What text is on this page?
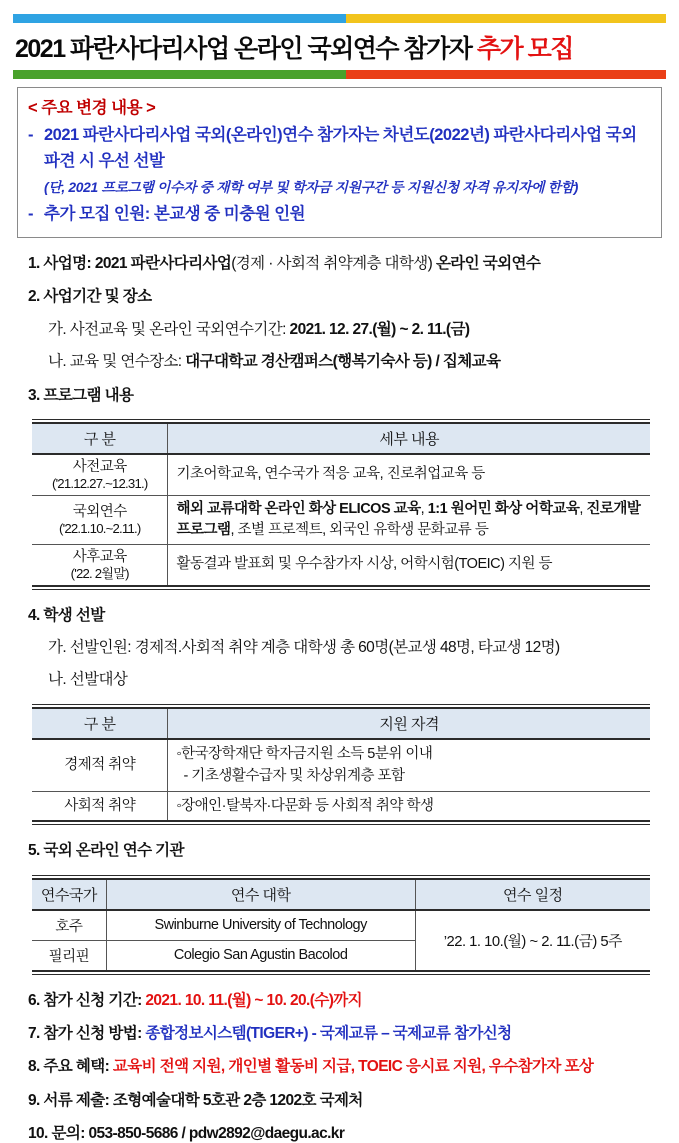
2021 파란사다리사업 온라인 국외연수 참가자 추가 모집
< 주요 변경 내용 >
- 2021 파란사다리사업 국외(온라인)연수 참가자는 차년도(2022년) 파란사다리사업 국외파견 시 우선 선발
(단, 2021 프로그램 이수자 중 재학 여부 및 학자금 지원구간 등 지원신청 자격 유지자에 한함)
- 추가 모집 인원: 본교생 중 미충원 인원
1. 사업명: 2021 파란사다리사업(경제 · 사회적 취약계층 대학생) 온라인 국외연수
2. 사업기간 및 장소
가. 사전교육 및 온라인 국외연수기간: 2021. 12. 27.(월) ~ 2. 11.(금)
나. 교육 및 연수장소: 대구대학교 경산캠퍼스(행복기숙사 등) / 집체교육
3. 프로그램 내용
구 분	세부 내용
사전교육
('21.12.27.~12.31.)	기초어학교육, 연수국가 적응 교육, 진로취업교육 등
국외연수
('22.1.10.~2.11.)	해외 교류대학 온라인 화상 ELICOS 교육, 1:1 원어민 화상 어학교육, 진로개발 프로그램, 조별 프로젝트, 외국인 유학생 문화교류 등
사후교육
('22. 2월말)	활동결과 발표회 및 우수참가자 시상, 어학시험(TOEIC) 지원 등
4. 학생 선발
가. 선발인원: 경제적.사회적 취약 계층 대학생 총 60명(본교생 48명, 타교생 12명)
나. 선발대상
구 분	지원 자격
경제적 취약	◦한국장학재단 학자금지원 소득 5분위 이내
- 기초생활수급자 및 차상위계층 포함

사회적 취약	◦장애인·탈북자·다문화 등 사회적 취약 학생
5. 국외 온라인 연수 기관
연수국가	연수 대학	연수 일정
호주	Swinburne University of Technology	’22. 1. 10.(월) ~ 2. 11.(금) 5주
필리핀	Colegio San Agustin Bacolod	
6. 참가 신청 기간: 2021. 10. 11.(월) ~ 10. 20.(수)까지
7. 참가 신청 방법: 종합정보시스템(TIGER+) - 국제교류 – 국제교류 참가신청
8. 주요 혜택: 교육비 전액 지원, 개인별 활동비 지급, TOEIC 응시료 지원, 우수참가자 포상
9. 서류 제출: 조형예술대학 5호관 2층 1202호 국제처
10. 문의: 053-850-5686 / pdw2892@daegu.ac.kr
